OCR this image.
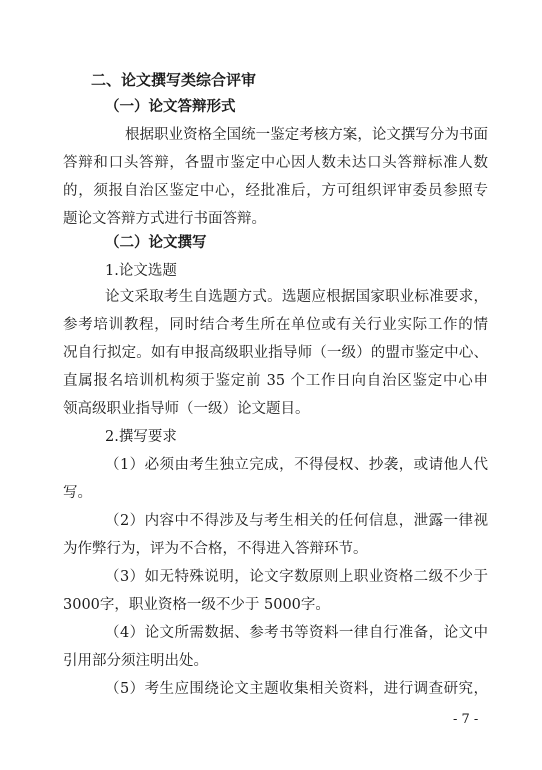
二、论文撰写类综合评审
（一）论文答辩形式
根据职业资格全国统一鉴定考核方案，论文撰写分为书面
答辩和口头答辩，各盟市鉴定中心因人数未达口头答辩标准人数
的，须报自治区鉴定中心，经批准后，方可组织评审委员参照专
题论文答辩方式进行书面答辩。
（二）论文撰写
1.论文选题
论文采取考生自选题方式。选题应根据国家职业标准要求，
参考培训教程，同时结合考生所在单位或有关行业实际工作的情
况自行拟定。如有申报高级职业指导师（一级）的盟市鉴定中心、
直属报名培训机构须于鉴定前 35 个工作日向自治区鉴定中心申
领高级职业指导师（一级）论文题目。
2.撰写要求
（1）必须由考生独立完成，不得侵权、抄袭，或请他人代
写。
（2）内容中不得涉及与考生相关的任何信息，泄露一律视
为作弊行为，评为不合格，不得进入答辩环节。
（3）如无特殊说明，论文字数原则上职业资格二级不少于
3000字，职业资格一级不少于 5000字。
（4）论文所需数据、参考书等资料一律自行准备，论文中
引用部分须注明出处。
（5）考生应围绕论文主题收集相关资料，进行调查研究，
- 7 -
